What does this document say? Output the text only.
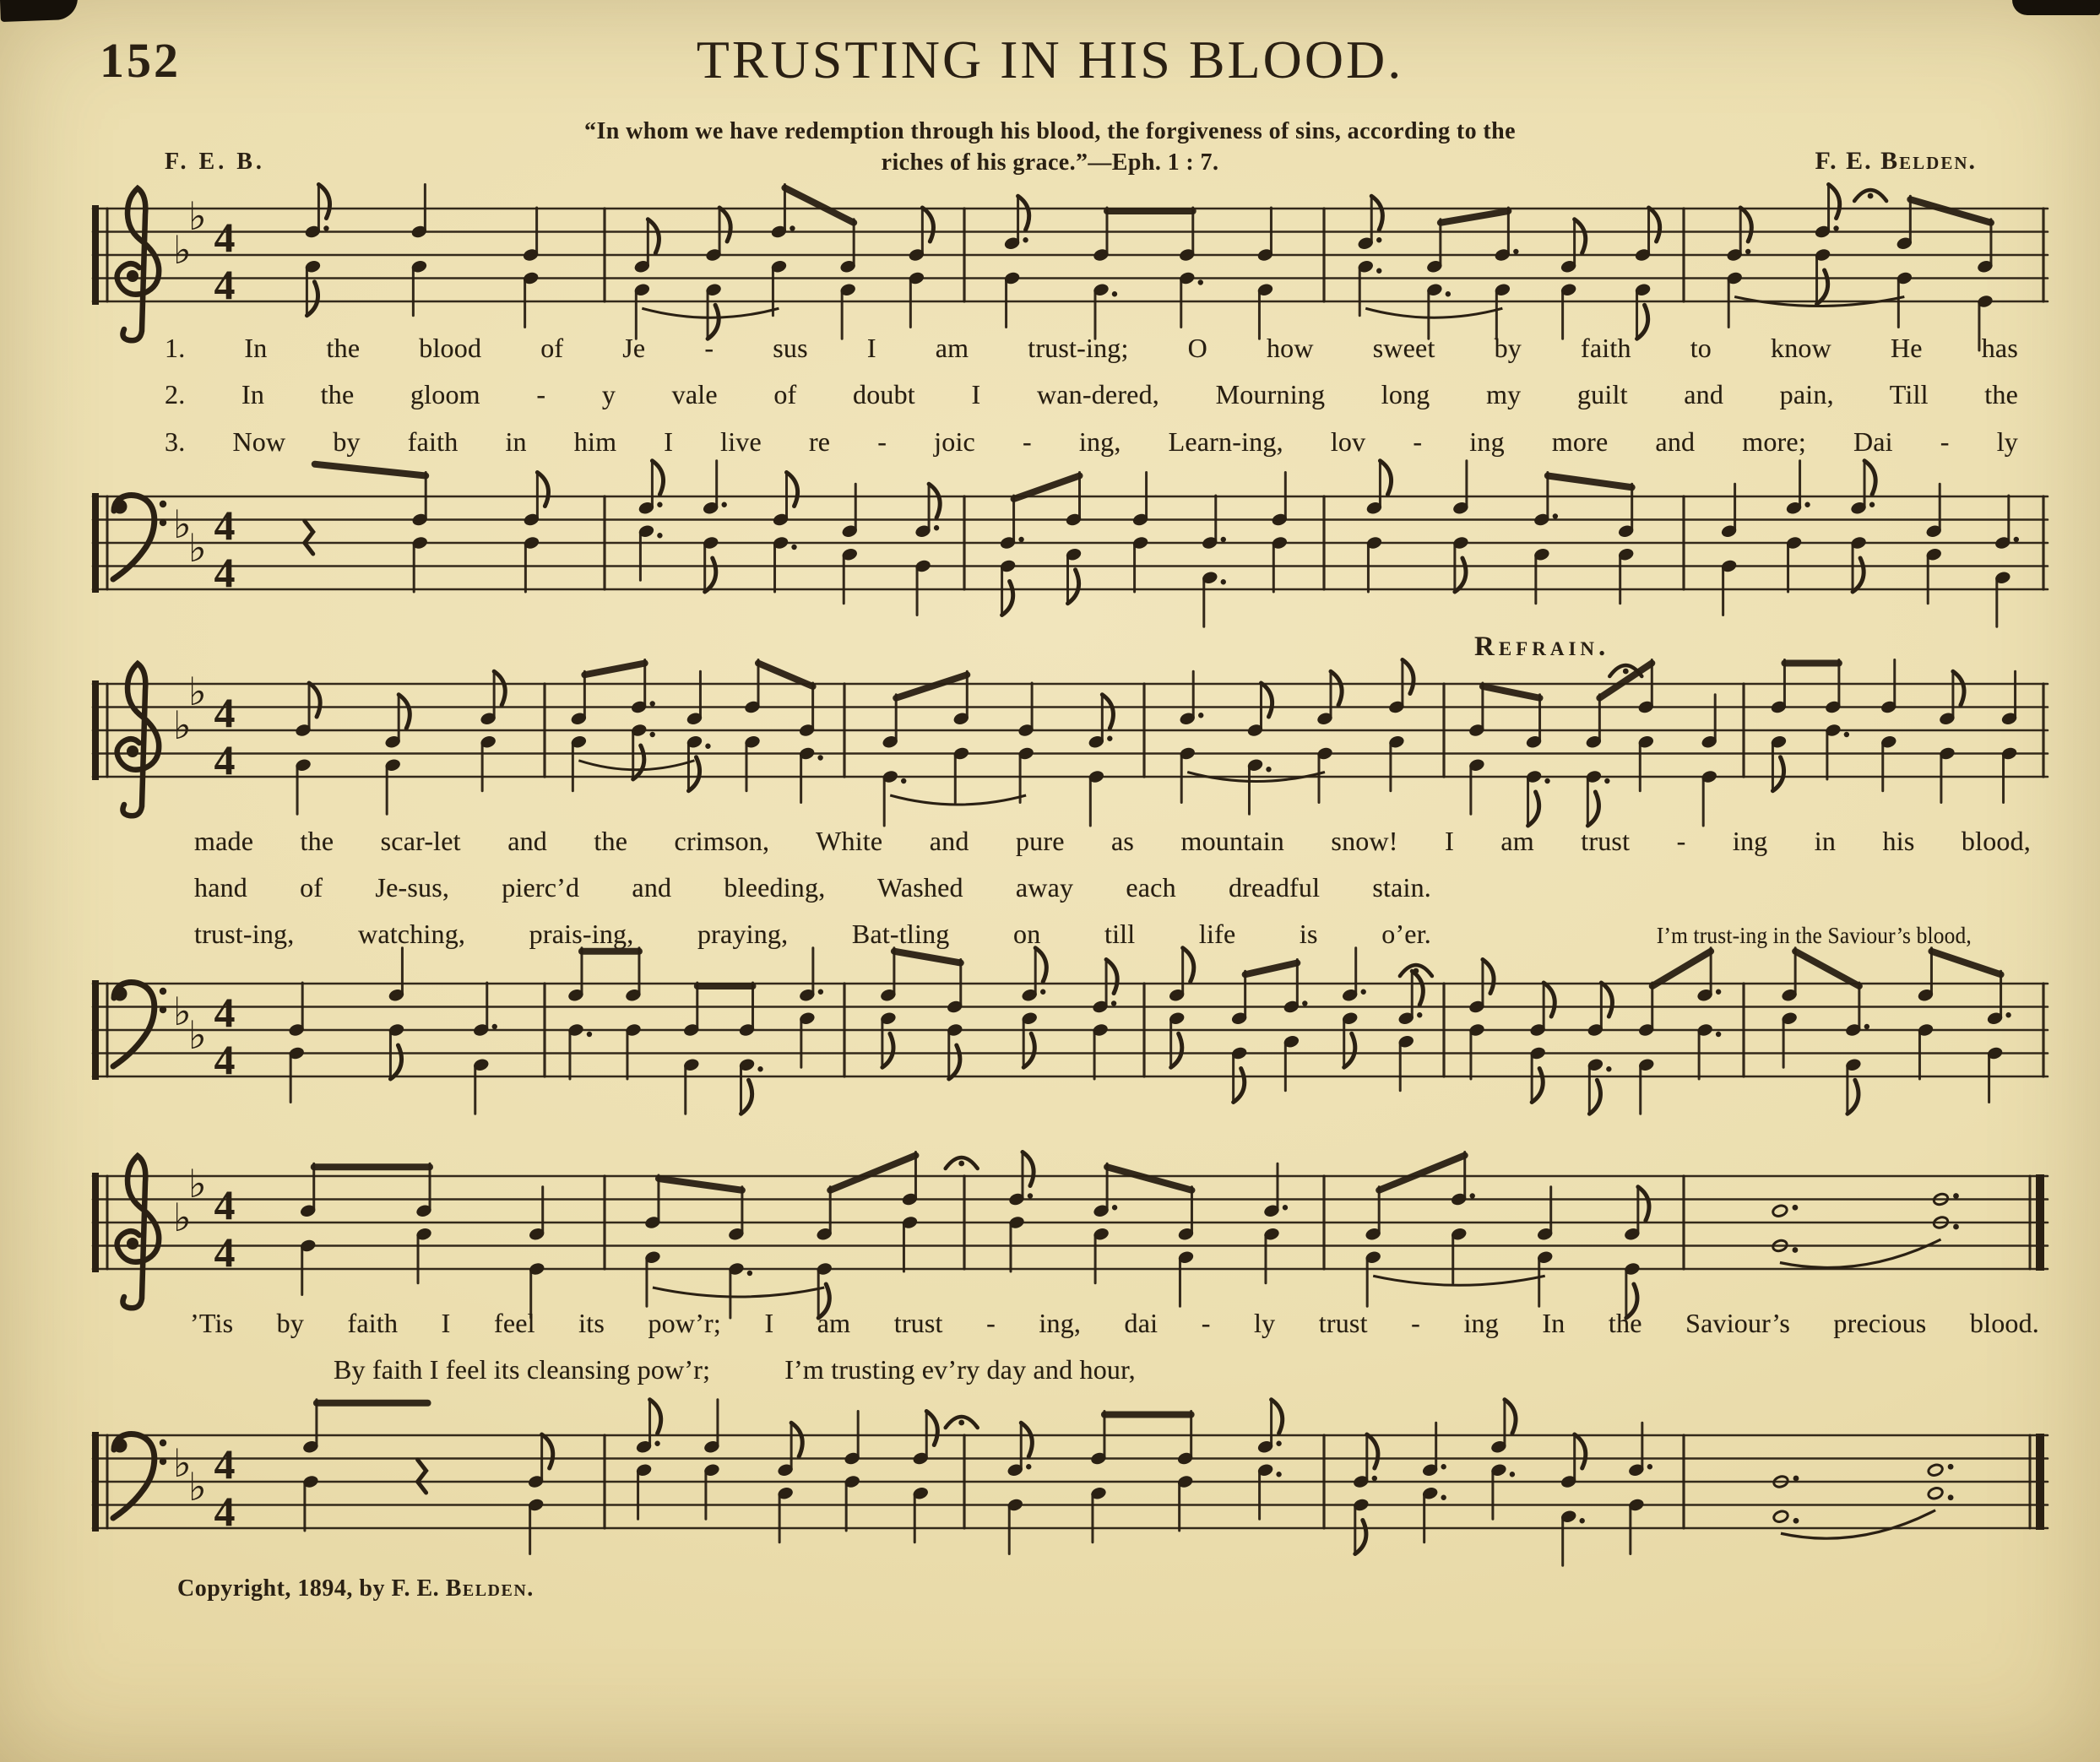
152	TRUSTING IN HIS BLOOD.
“In whom we have redemption through his blood, the forgiveness of sins, according to the
riches of his grace.”—Eph. 1 : 7.
F. E. B.	F. E. Belden.
♭
♭ 4
4
1. In the blood of Je - sus I am trust-ing; O how sweet by faith to know He has
2. In the gloom - y vale of doubt I wan-dered, Mourning long my guilt and pain, Till the
3. Now by faith in him I live re - joic - ing, Learn-ing, lov - ing more and more; Dai - ly
♭
♭ 4
4
Refrain.
♭
♭ 4
4
made the scar-let and the crimson, White and pure as mountain snow! I am trust - ing in his blood,
hand of Je-sus, pierc’d and bleeding, Washed away each dreadful stain.
trust-ing, watching, prais-ing, praying, Bat-tling on till life is o’er.	I’m trust-ing in the Saviour’s blood,
♭
♭ 4
4
♭
♭ 4
4
’Tis by faith I feel its pow’r; I am trust - ing, dai - ly trust - ing In the Saviour’s precious blood.
By faith I feel its cleansing pow’r;	I’m trusting ev’ry day and hour,
♭
♭ 4
4
Copyright, 1894, by F. E. Belden.
